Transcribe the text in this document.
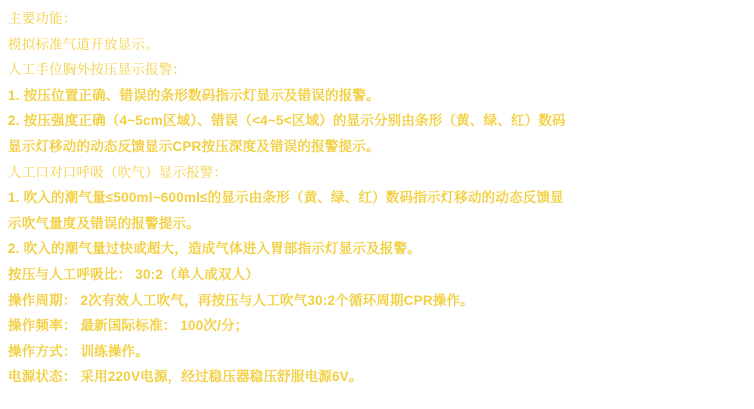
主要功能：
模拟标准气道开放显示。
人工手位胸外按压显示报警：
1. 按压位置正确、错误的条形数码指示灯显示及错误的报警。
2. 按压强度正确（4~5cm区域）、错误（<4~5<区域）的显示分别由条形（黄、绿、红）数码
显示灯移动的动态反馈显示CPR按压深度及错误的报警提示。
人工口对口呼吸（吹气）显示报警：
1. 吹入的潮气量≤500ml~600ml≤的显示由条形（黄、绿、红）数码指示灯移动的动态反馈显
示吹气量度及错误的报警提示。
2. 吹入的潮气量过快或超大，造成气体进入胃部指示灯显示及报警。
按压与人工呼吸比： 30:2（单人或双人）
操作周期： 2次有效人工吹气，再按压与人工吹气30:2个循环周期CPR操作。
操作频率： 最新国际标准： 100次/分；
操作方式： 训练操作。
电源状态： 采用220V电源，经过稳压器稳压舒服电源6V。
